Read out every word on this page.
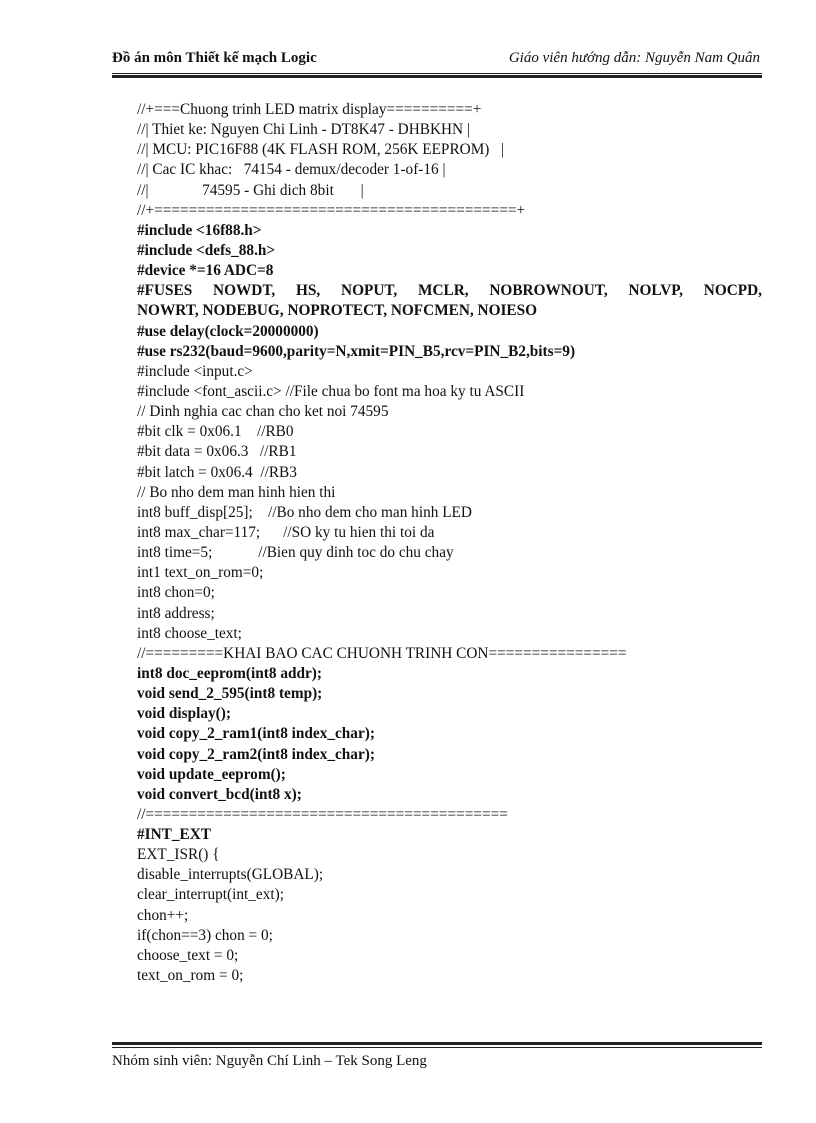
Đồ án môn Thiết kế mạch Logic	Giáo viên hướng dẫn: Nguyễn Nam Quân
//+===Chuong trinh LED matrix display==========+
//| Thiet ke: Nguyen Chi Linh - DT8K47 - DHBKHN |
//| MCU: PIC16F88 (4K FLASH ROM, 256K EEPROM)   |
//| Cac IC khac:   74154 - demux/decoder 1-of-16 |
//|              74595 - Ghi dich 8bit       |
//+==========================================+
#include <16f88.h>
#include <defs_88.h>
#device *=16 ADC=8
#FUSES NOWDT, HS, NOPUT, MCLR, NOBROWNOUT, NOLVP, NOCPD,
NOWRT, NODEBUG, NOPROTECT, NOFCMEN, NOIESO
#use delay(clock=20000000)
#use rs232(baud=9600,parity=N,xmit=PIN_B5,rcv=PIN_B2,bits=9)
#include <input.c>
#include <font_ascii.c> //File chua bo font ma hoa ky tu ASCII
// Dinh nghia cac chan cho ket noi 74595
#bit clk = 0x06.1    //RB0
#bit data = 0x06.3   //RB1
#bit latch = 0x06.4  //RB3
// Bo nho dem man hinh hien thi
int8 buff_disp[25];    //Bo nho dem cho man hinh LED
int8 max_char=117;      //SO ky tu hien thi toi da
int8 time=5;            //Bien quy dinh toc do chu chay
int1 text_on_rom=0;
int8 chon=0;
int8 address;
int8 choose_text;
//=========KHAI BAO CAC CHUONH TRINH CON================
int8 doc_eeprom(int8 addr);
void send_2_595(int8 temp);
void display();
void copy_2_ram1(int8 index_char);
void copy_2_ram2(int8 index_char);
void update_eeprom();
void convert_bcd(int8 x);
//==========================================
#INT_EXT
EXT_ISR() {
disable_interrupts(GLOBAL);
clear_interrupt(int_ext);
chon++;
if(chon==3) chon = 0;
choose_text = 0;
text_on_rom = 0;
Nhóm sinh viên: Nguyễn Chí Linh – Tek Song Leng
